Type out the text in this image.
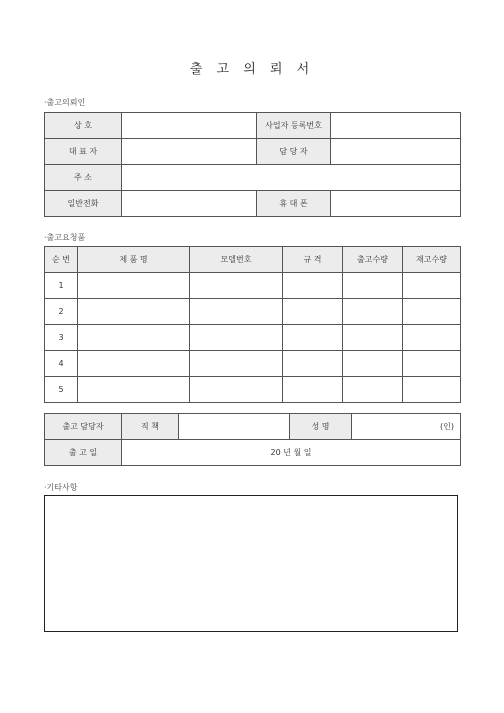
출 고 의 뢰 서
·출고의뢰인
상 호		사업자 등록번호	
대 표 자		담 당 자	
주 소			
일반전화		휴 대 폰	
·출고요청품
순 번	제 품 명	모델번호	규 격	출고수량	재고수량
1					
2					
3					
4					
5					
출고 담당자	직 책		성 명	(인)
출 고 일	20 년 월 일			
·기타사항
